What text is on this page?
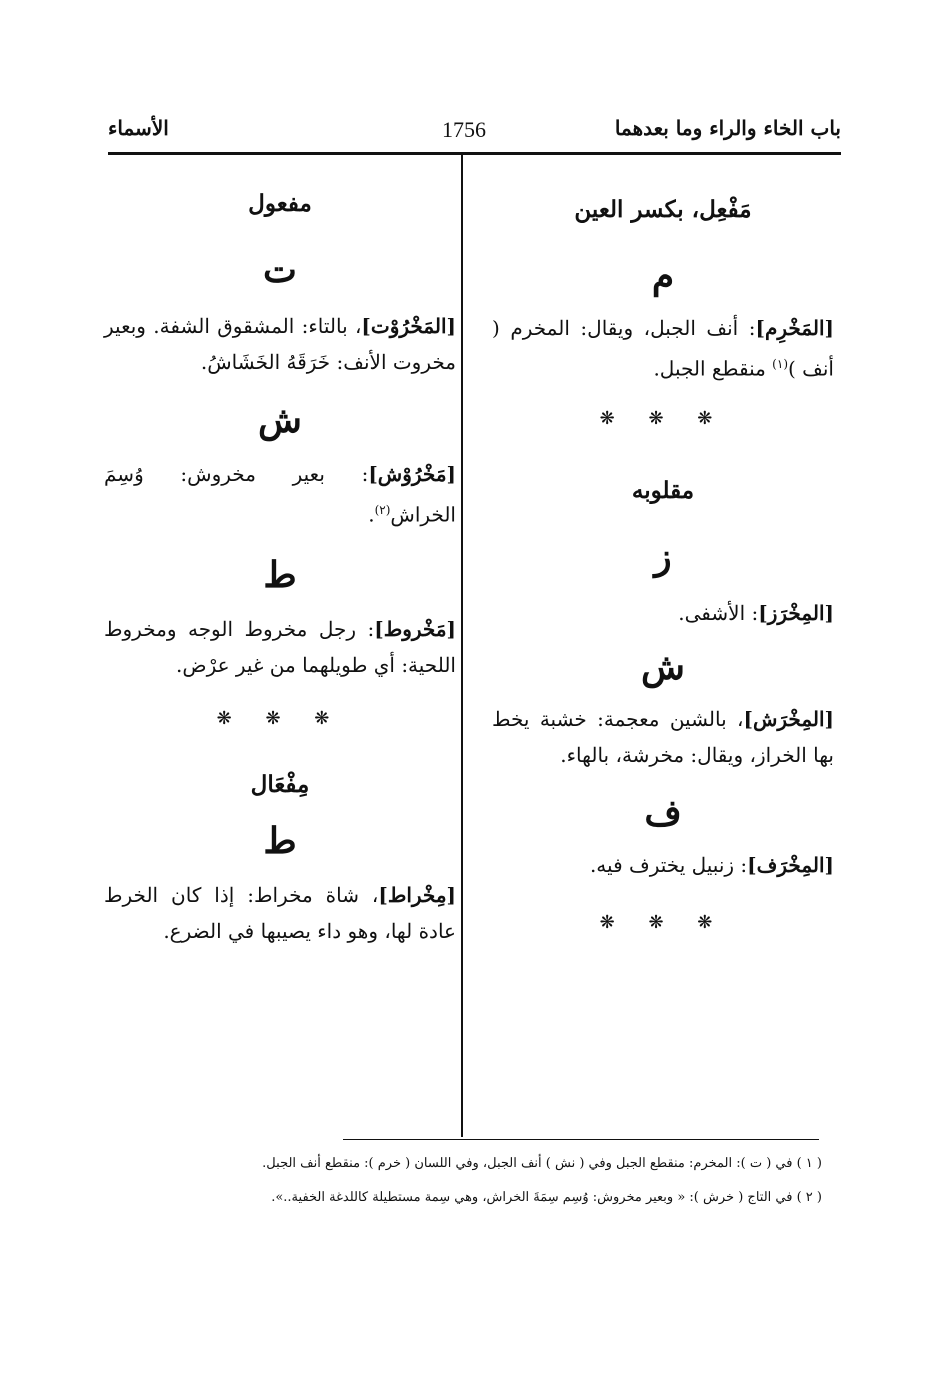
الأسماء	1756	باب الخاء والراء وما بعدهما
مَفْعِل، بكسر العين
م
[المَخْرِم]: أنف الجبل، ويقال: المخرم ( أنف )$^{(١)}$ منقطع الجبل.
❋ ❋ ❋
مقلوبه
ز
[المِخْرَز]: الأشفى.
ش
[المِخْرَش]، بالشين معجمة: خشبة يخط بها الخراز، ويقال: مخرشة، بالهاء.
ف
[المِخْرَف]: زنبيل يخترف فيه.
❋ ❋ ❋
مفعول
ت
[المَخْرُوْت]، بالتاء: المشقوق الشفة. وبعير مخروت الأنف: خَرَقَهُ الخَشَاشُ.
ش
[مَخْرُوْش]: بعير مخروش: وُسِمَ الخراش$^{(٢)}$.
ط
[مَخْروط]: رجل مخروط الوجه ومخروط اللحية: أي طويلهما من غير عرْض.
❋ ❋ ❋
مِفْعَال
ط
[مِخْراط]، شاة مخراط: إذا كان الخرط عادة لها، وهو داء يصيبها في الضرع.
( ١ ) في ( ت ): المخرم: منقطع الجبل وفي ( نش ) أنف الجبل، وفي اللسان ( خرم ): منقطع أنف الجبل.
( ٢ ) في التاج ( خرش ): « وبعير مخروش: وُسِم سِمَةَ الخراش، وهي سِمة مستطيلة كاللدغة الخفية..».
